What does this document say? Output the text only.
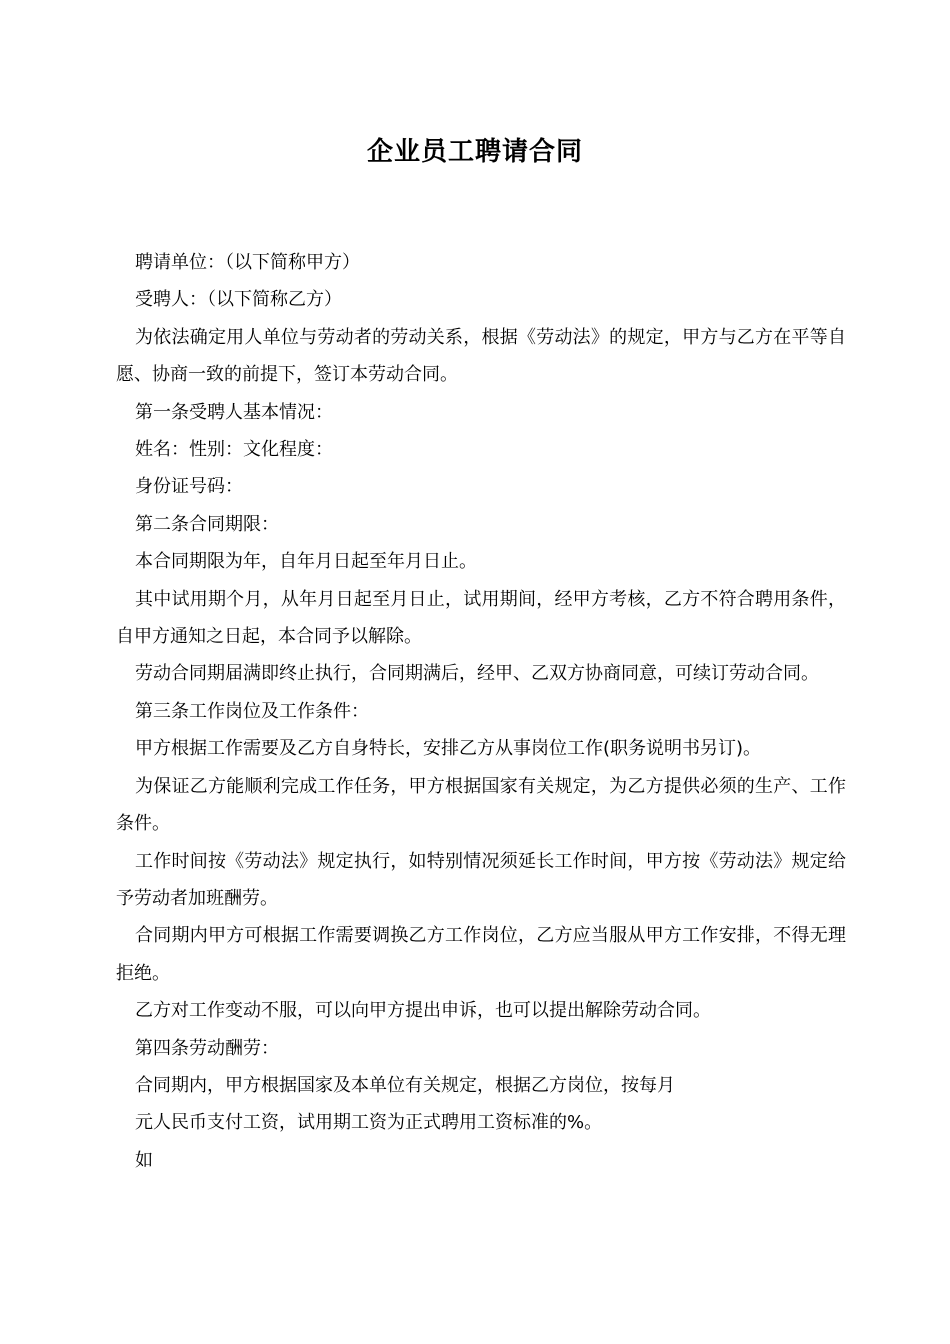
企业员工聘请合同

聘请单位：（以下简称甲方）

受聘人：（以下简称乙方）

为依法确定用人单位与劳动者的劳动关系，根据《劳动法》的规定，甲方与乙方在平等自愿、协商一致的前提下，签订本劳动合同。

第一条受聘人基本情况：

姓名：性别：文化程度：

身份证号码：

第二条合同期限：

本合同期限为年，自年月日起至年月日止。

其中试用期个月，从年月日起至月日止，试用期间，经甲方考核，乙方不符合聘用条件，自甲方通知之日起，本合同予以解除。

劳动合同期届满即终止执行，合同期满后，经甲、乙双方协商同意，可续订劳动合同。

第三条工作岗位及工作条件：

甲方根据工作需要及乙方自身特长，安排乙方从事岗位工作(职务说明书另订)。

为保证乙方能顺利完成工作任务，甲方根据国家有关规定，为乙方提供必须的生产、工作条件。

工作时间按《劳动法》规定执行，如特别情况须延长工作时间，甲方按《劳动法》规定给予劳动者加班酬劳。

合同期内甲方可根据工作需要调换乙方工作岗位，乙方应当服从甲方工作安排，不得无理拒绝。

乙方对工作变动不服，可以向甲方提出申诉，也可以提出解除劳动合同。

第四条劳动酬劳：

合同期内，甲方根据国家及本单位有关规定，根据乙方岗位，按每月

元人民币支付工资，试用期工资为正式聘用工资标准的%。

如
